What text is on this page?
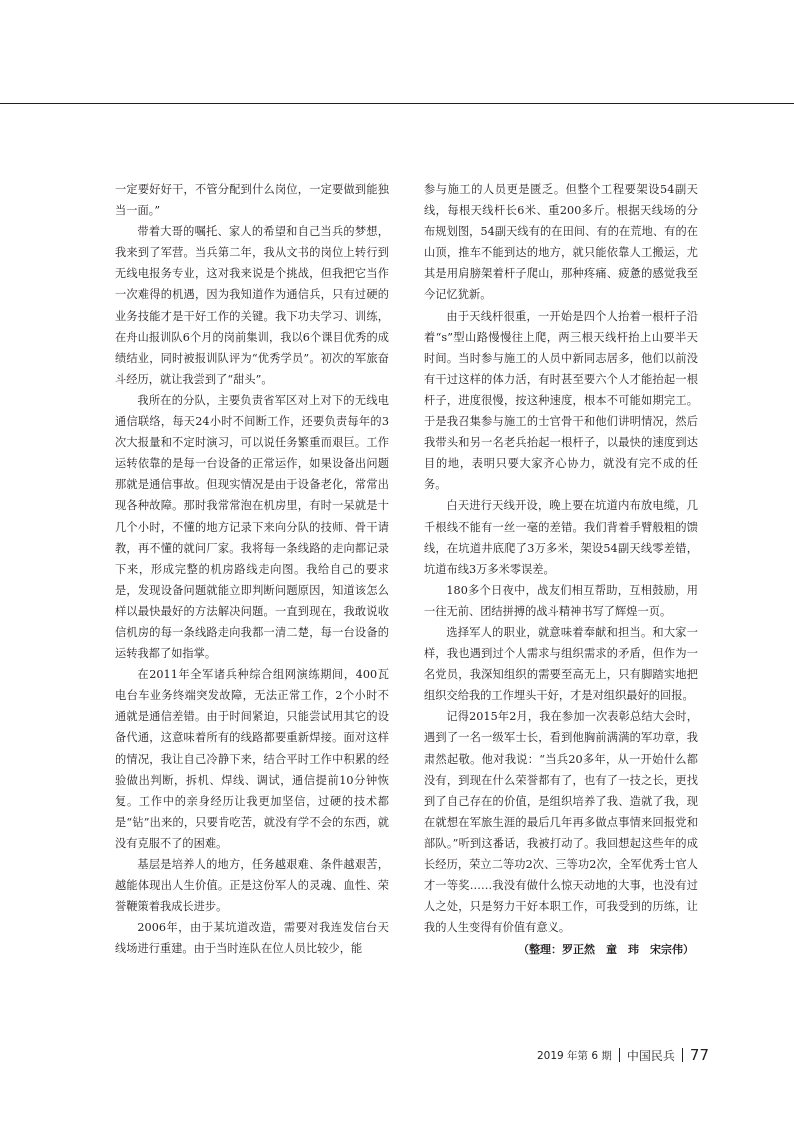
一定要好好干，不管分配到什么岗位，一定要做到能独当一面。”

带着大哥的嘱托、家人的希望和自己当兵的梦想，我来到了军营。当兵第二年，我从文书的岗位上转行到无线电报务专业，这对我来说是个挑战，但我把它当作一次难得的机遇，因为我知道作为通信兵，只有过硬的业务技能才是干好工作的关键。我下功夫学习、训练，在舟山报训队6个月的岗前集训，我以6个课目优秀的成绩结业，同时被报训队评为“优秀学员”。初次的军旅奋斗经历，就让我尝到了“甜头”。

我所在的分队，主要负责省军区对上对下的无线电通信联络，每天24小时不间断工作，还要负责每年的3次大报量和不定时演习，可以说任务繁重而艰巨。工作运转依靠的是每一台设备的正常运作，如果设备出问题那就是通信事故。但现实情况是由于设备老化，常常出现各种故障。那时我常常泡在机房里，有时一呆就是十几个小时，不懂的地方记录下来向分队的技师、骨干请教，再不懂的就问厂家。我将每一条线路的走向都记录下来，形成完整的机房路线走向图。我给自己的要求是，发现设备问题就能立即判断问题原因，知道该怎么样以最快最好的方法解决问题。一直到现在，我敢说收信机房的每一条线路走向我都一清二楚，每一台设备的运转我都了如指掌。

在2011年全军诸兵种综合组网演练期间，400瓦电台车业务终端突发故障，无法正常工作，2个小时不通就是通信差错。由于时间紧迫，只能尝试用其它的设备代通，这意味着所有的线路都要重新焊接。面对这样的情况，我让自己冷静下来，结合平时工作中积累的经验做出判断，拆机、焊线、调试，通信提前10分钟恢复。工作中的亲身经历让我更加坚信，过硬的技术都是“钻”出来的，只要肯吃苦，就没有学不会的东西，就没有克服不了的困难。

基层是培养人的地方，任务越艰难、条件越艰苦，越能体现出人生价值。正是这份军人的灵魂、血性、荣誉鞭策着我成长进步。

2006年，由于某坑道改造，需要对我连发信台天线场进行重建。由于当时连队在位人员比较少，能

参与施工的人员更是匮乏。但整个工程要架设54副天线，每根天线杆长6米、重200多斤。根据天线场的分布规划图，54副天线有的在田间、有的在荒地、有的在山顶，推车不能到达的地方，就只能依靠人工搬运，尤其是用肩膀架着杆子爬山，那种疼痛、疲惫的感觉我至今记忆犹新。

由于天线杆很重，一开始是四个人抬着一根杆子沿着“s”型山路慢慢往上爬，两三根天线杆抬上山要半天时间。当时参与施工的人员中新同志居多，他们以前没有干过这样的体力活，有时甚至要六个人才能抬起一根杆子，进度很慢，按这种速度，根本不可能如期完工。于是我召集参与施工的士官骨干和他们讲明情况，然后我带头和另一名老兵抬起一根杆子，以最快的速度到达目的地，表明只要大家齐心协力，就没有完不成的任务。

白天进行天线开设，晚上要在坑道内布放电缆，几千根线不能有一丝一毫的差错。我们背着手臂般粗的馈线，在坑道井底爬了3万多米，架设54副天线零差错，坑道布线3万多米零误差。

180多个日夜中，战友们相互帮助，互相鼓励，用一往无前、团结拼搏的战斗精神书写了辉煌一页。

选择军人的职业，就意味着奉献和担当。和大家一样，我也遇到过个人需求与组织需求的矛盾，但作为一名党员，我深知组织的需要至高无上，只有脚踏实地把组织交给我的工作埋头干好，才是对组织最好的回报。

记得2015年2月，我在参加一次表彰总结大会时，遇到了一名一级军士长，看到他胸前满满的军功章，我肃然起敬。他对我说：“当兵20多年，从一开始什么都没有，到现在什么荣誉都有了，也有了一技之长，更找到了自己存在的价值，是组织培养了我、造就了我，现在就想在军旅生涯的最后几年再多做点事情来回报党和部队。”听到这番话，我被打动了。我回想起这些年的成长经历，荣立二等功2次、三等功2次，全军优秀士官人才一等奖……我没有做什么惊天动地的大事，也没有过人之处，只是努力干好本职工作，可我受到的历练，让我的人生变得有价值有意义。

（整理：罗正然　童　玮　宋宗伟）
2019 年第 6 期 中国民兵 77
